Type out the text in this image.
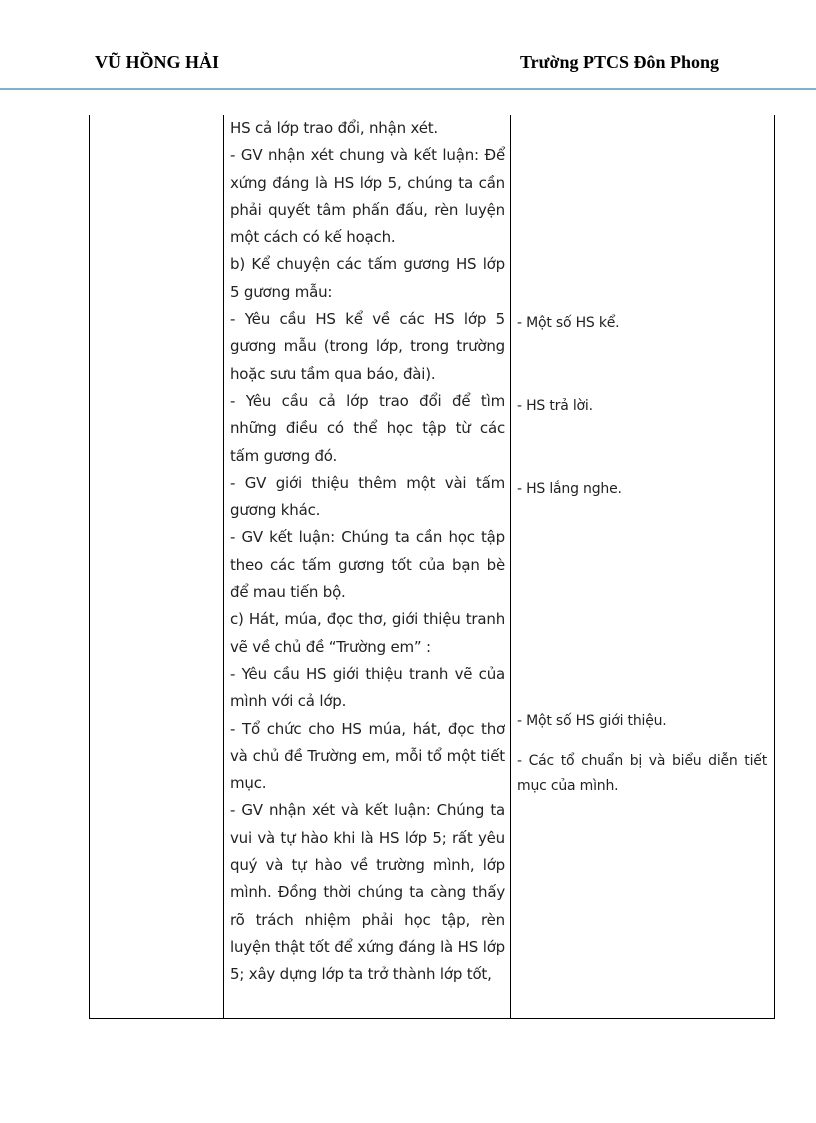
VŨ HỒNG HẢI	Trường PTCS Đôn Phong

HS cả lớp trao đổi, nhận xét.

- GV nhận xét chung và kết luận: Để xứng đáng là HS lớp 5, chúng ta cần phải quyết tâm phấn đấu, rèn luyện một cách có kế hoạch.

b) Kể chuyện các tấm gương HS lớp 5 gương mẫu:

- Yêu cầu HS kể về các HS lớp 5 gương mẫu (trong lớp, trong trường hoặc sưu tầm qua báo, đài).

- Yêu cầu cả lớp trao đổi để tìm những điều có thể học tập từ các tấm gương đó.

- GV giới thiệu thêm một vài tấm gương khác.

- GV kết luận: Chúng ta cần học tập theo các tấm gương tốt của bạn bè để mau tiến bộ.

c) Hát, múa, đọc thơ, giới thiệu tranh vẽ về chủ đề “Trường em” :

- Yêu cầu HS giới thiệu tranh vẽ của mình với cả lớp.

- Tổ chức cho HS múa, hát, đọc thơ và chủ đề Trường em, mỗi tổ một tiết mục.

- GV nhận xét và kết luận: Chúng ta vui và tự hào khi là HS lớp 5; rất yêu quý và tự hào về trường mình, lớp mình. Đồng thời chúng ta càng thấy rõ trách nhiệm phải học tập, rèn luyện thật tốt để xứng đáng là HS lớp 5; xây dựng lớp ta trở thành lớp tốt,

- Một số HS kể.
- HS trả lời.
- HS lắng nghe.
- Một số HS giới thiệu.
- Các tổ chuẩn bị và biểu diễn tiết mục của mình.
